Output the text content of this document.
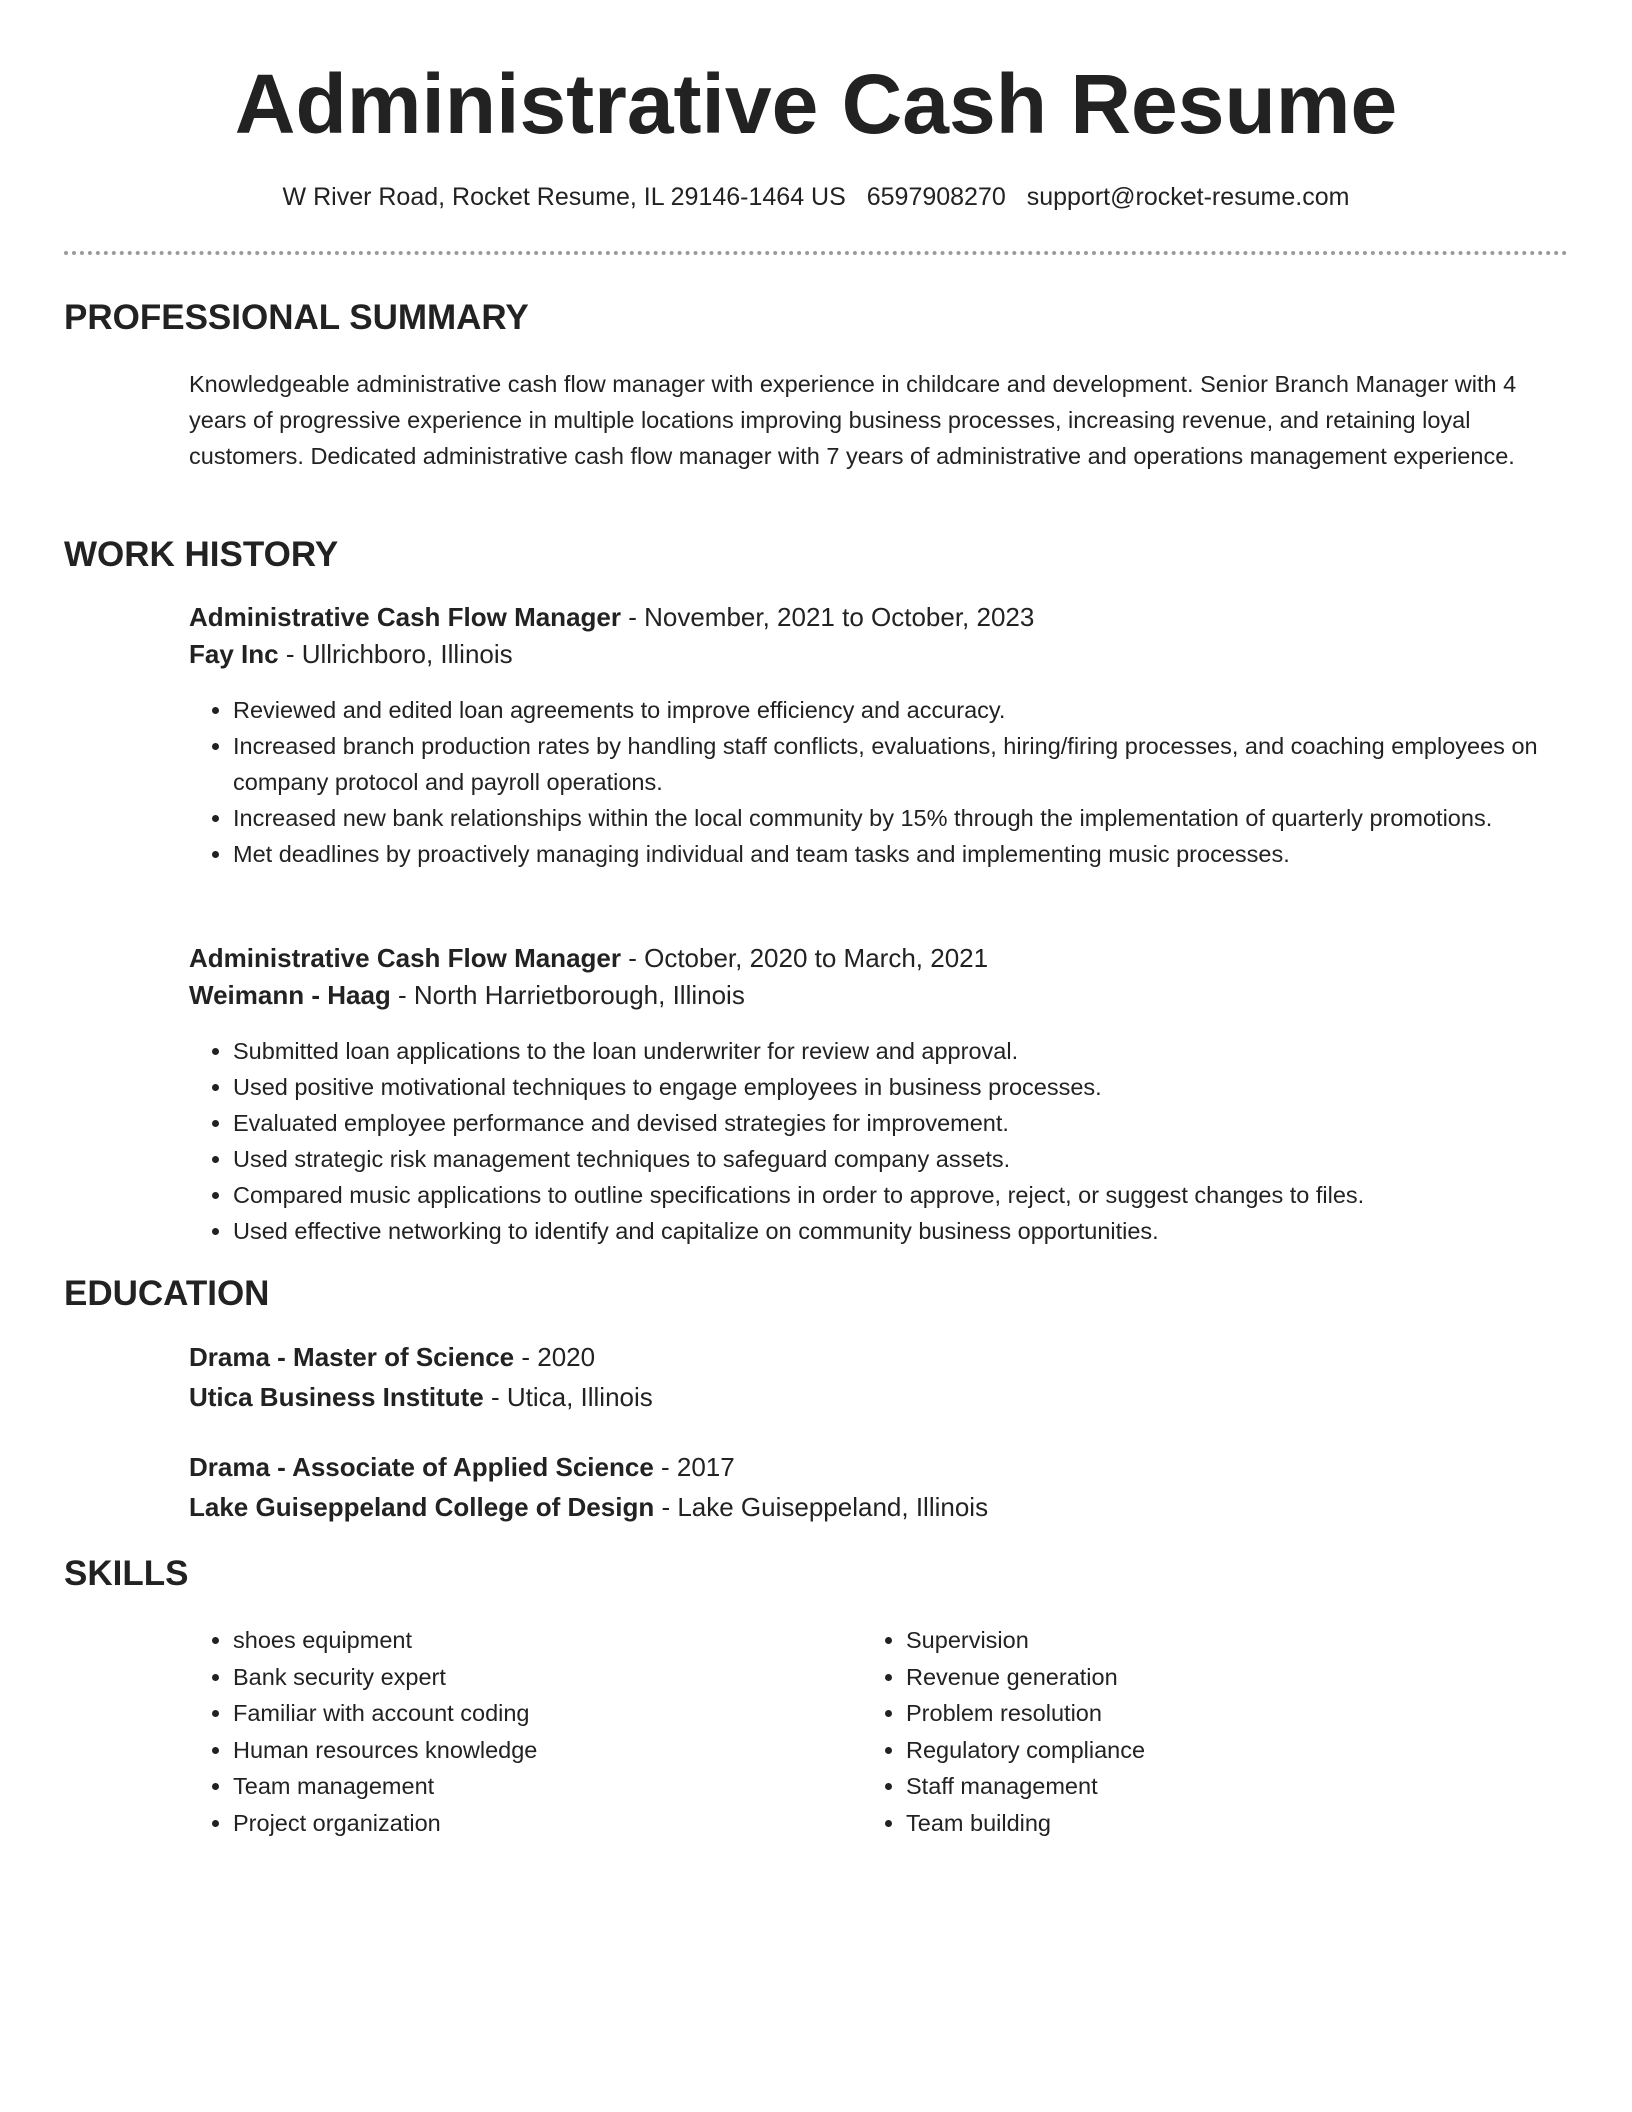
Administrative Cash Resume
W River Road, Rocket Resume, IL 29146-1464 US 6597908270 support@rocket-resume.com
PROFESSIONAL SUMMARY

Knowledgeable administrative cash flow manager with experience in childcare and development. Senior Branch Manager with 4 years of progressive experience in multiple locations improving business processes, increasing revenue, and retaining loyal customers. Dedicated administrative cash flow manager with 7 years of administrative and operations management experience.

WORK HISTORY
Administrative Cash Flow Manager - November, 2021 to October, 2023
Fay Inc - Ullrichboro, Illinois
• Reviewed and edited loan agreements to improve efficiency and accuracy.
• Increased branch production rates by handling staff conflicts, evaluations, hiring/firing processes, and coaching employees on company protocol and payroll operations.
• Increased new bank relationships within the local community by 15% through the implementation of quarterly promotions.
• Met deadlines by proactively managing individual and team tasks and implementing music processes.
Administrative Cash Flow Manager - October, 2020 to March, 2021
Weimann - Haag - North Harrietborough, Illinois
• Submitted loan applications to the loan underwriter for review and approval.
• Used positive motivational techniques to engage employees in business processes.
• Evaluated employee performance and devised strategies for improvement.
• Used strategic risk management techniques to safeguard company assets.
• Compared music applications to outline specifications in order to approve, reject, or suggest changes to files.
• Used effective networking to identify and capitalize on community business opportunities.
EDUCATION
Drama - Master of Science - 2020
Utica Business Institute - Utica, Illinois
Drama - Associate of Applied Science - 2017
Lake Guiseppeland College of Design - Lake Guiseppeland, Illinois
SKILLS
• shoes equipment
• Bank security expert
• Familiar with account coding
• Human resources knowledge
• Team management
• Project organization
• Supervision
• Revenue generation
• Problem resolution
• Regulatory compliance
• Staff management
• Team building
